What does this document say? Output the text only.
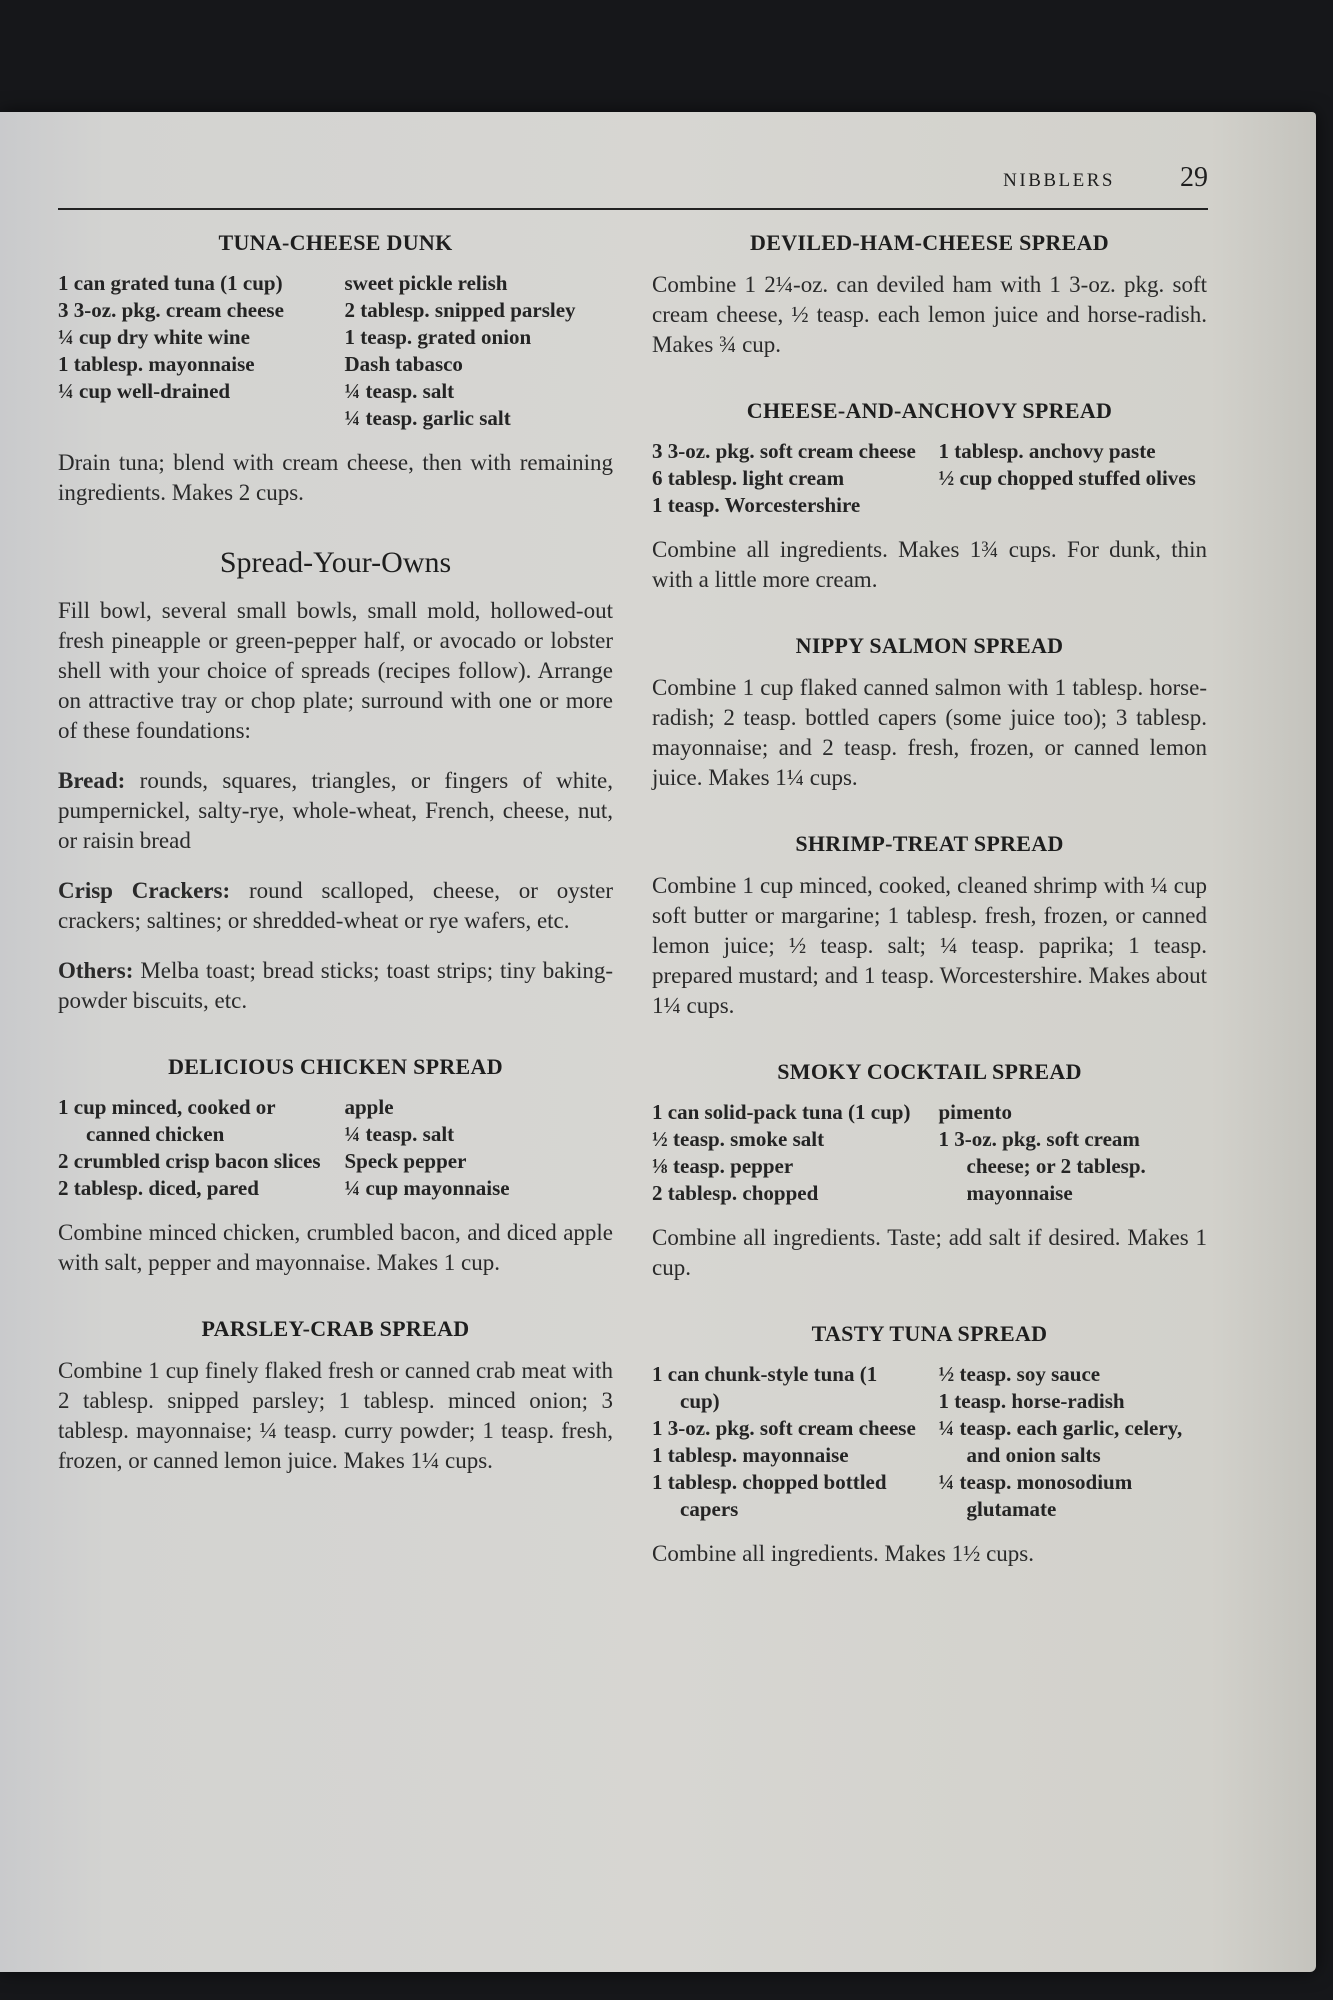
NIBBLERS 29
TUNA-CHEESE DUNK
1 can grated tuna (1 cup)
3 3-oz. pkg. cream cheese
¼ cup dry white wine
1 tablesp. mayonnaise
¼ cup well-drained
sweet pickle relish
2 tablesp. snipped parsley
1 teasp. grated onion
Dash tabasco
¼ teasp. salt
¼ teasp. garlic salt

Drain tuna; blend with cream cheese, then with remaining ingredients. Makes 2 cups.

Spread-Your-Owns

Fill bowl, several small bowls, small mold, hollowed-out fresh pineapple or green-pepper half, or avocado or lobster shell with your choice of spreads (recipes follow). Arrange on attractive tray or chop plate; surround with one or more of these foundations:

Bread: rounds, squares, triangles, or fingers of white, pumpernickel, salty-rye, whole-wheat, French, cheese, nut, or raisin bread

Crisp Crackers: round scalloped, cheese, or oyster crackers; saltines; or shredded-wheat or rye wafers, etc.

Others: Melba toast; bread sticks; toast strips; tiny baking-powder biscuits, etc.

DELICIOUS CHICKEN SPREAD
1 cup minced, cooked or canned chicken
2 crumbled crisp bacon slices
2 tablesp. diced, pared
apple
¼ teasp. salt
Speck pepper
¼ cup mayonnaise

Combine minced chicken, crumbled bacon, and diced apple with salt, pepper and mayonnaise. Makes 1 cup.

PARSLEY-CRAB SPREAD

Combine 1 cup finely flaked fresh or canned crab meat with 2 tablesp. snipped parsley; 1 tablesp. minced onion; 3 tablesp. mayonnaise; ¼ teasp. curry powder; 1 teasp. fresh, frozen, or canned lemon juice. Makes 1¼ cups.

DEVILED-HAM-CHEESE SPREAD

Combine 1 2¼-oz. can deviled ham with 1 3-oz. pkg. soft cream cheese, ½ teasp. each lemon juice and horse-radish. Makes ¾ cup.

CHEESE-AND-ANCHOVY SPREAD
3 3-oz. pkg. soft cream cheese
6 tablesp. light cream
1 teasp. Worcestershire
1 tablesp. anchovy paste
½ cup chopped stuffed olives

Combine all ingredients. Makes 1¾ cups. For dunk, thin with a little more cream.

NIPPY SALMON SPREAD

Combine 1 cup flaked canned salmon with 1 tablesp. horse-radish; 2 teasp. bottled capers (some juice too); 3 tablesp. mayonnaise; and 2 teasp. fresh, frozen, or canned lemon juice. Makes 1¼ cups.

SHRIMP-TREAT SPREAD

Combine 1 cup minced, cooked, cleaned shrimp with ¼ cup soft butter or margarine; 1 tablesp. fresh, frozen, or canned lemon juice; ½ teasp. salt; ¼ teasp. paprika; 1 teasp. prepared mustard; and 1 teasp. Worcestershire. Makes about 1¼ cups.

SMOKY COCKTAIL SPREAD
1 can solid-pack tuna (1 cup)
½ teasp. smoke salt
⅛ teasp. pepper
2 tablesp. chopped
pimento
1 3-oz. pkg. soft cream cheese; or 2 tablesp. mayonnaise

Combine all ingredients. Taste; add salt if desired. Makes 1 cup.

TASTY TUNA SPREAD
1 can chunk-style tuna (1 cup)
1 3-oz. pkg. soft cream cheese
1 tablesp. mayonnaise
1 tablesp. chopped bottled capers
½ teasp. soy sauce
1 teasp. horse-radish
¼ teasp. each garlic, celery, and onion salts
¼ teasp. monosodium glutamate

Combine all ingredients. Makes 1½ cups.
